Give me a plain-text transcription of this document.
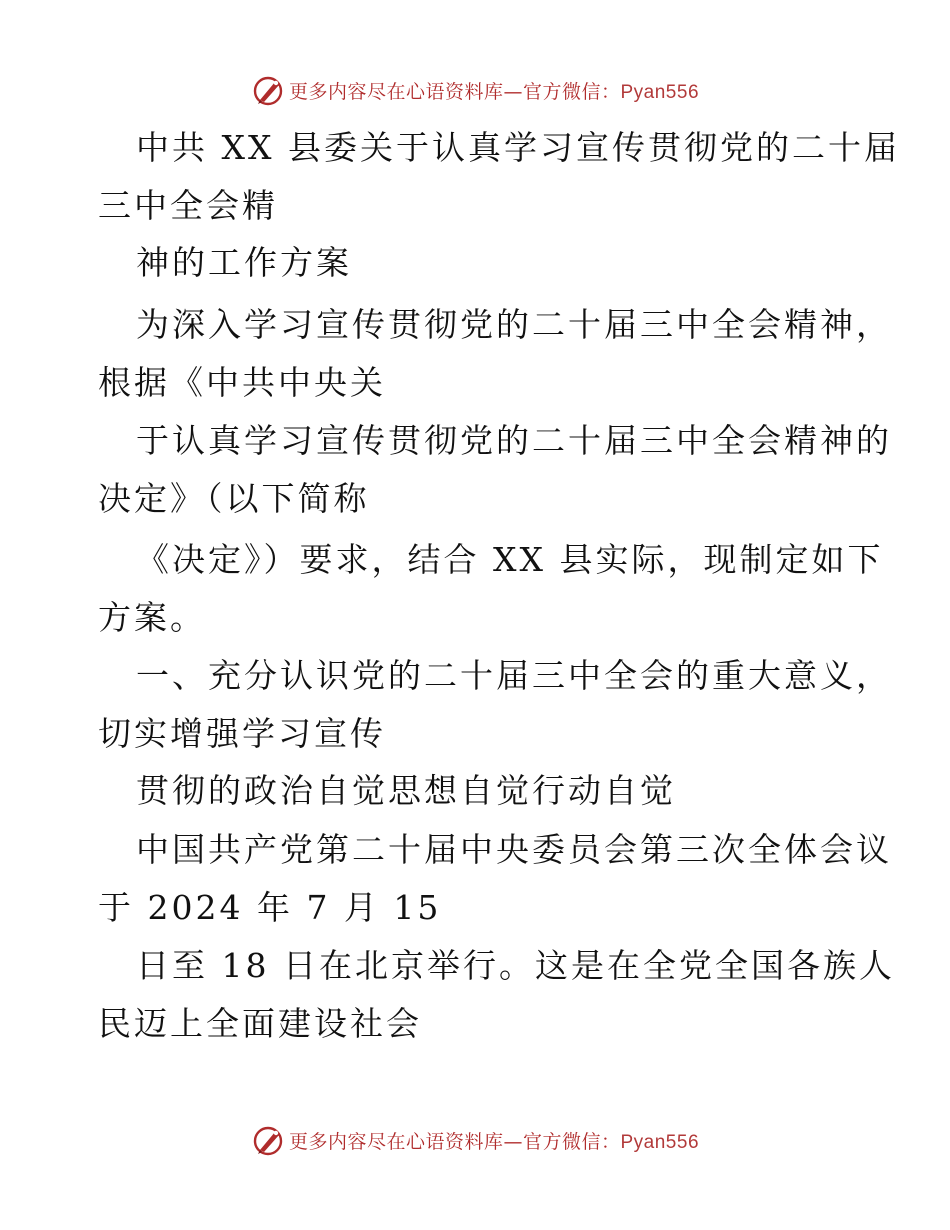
更多内容尽在心语资料库—官方微信：Pyan556
中共 XX 县委关于认真学习宣传贯彻党的二十届
三中全会精
神的工作方案
为深入学习宣传贯彻党的二十届三中全会精神，
根据《中共中央关
于认真学习宣传贯彻党的二十届三中全会精神的
决定》（以下简称
《决定》）要求，结合 XX 县实际，现制定如下
方案。
一、充分认识党的二十届三中全会的重大意义，
切实增强学习宣传
贯彻的政治自觉思想自觉行动自觉
中国共产党第二十届中央委员会第三次全体会议
于 2024 年 7 月 15
日至 18 日在北京举行。这是在全党全国各族人
民迈上全面建设社会
更多内容尽在心语资料库—官方微信：Pyan556
